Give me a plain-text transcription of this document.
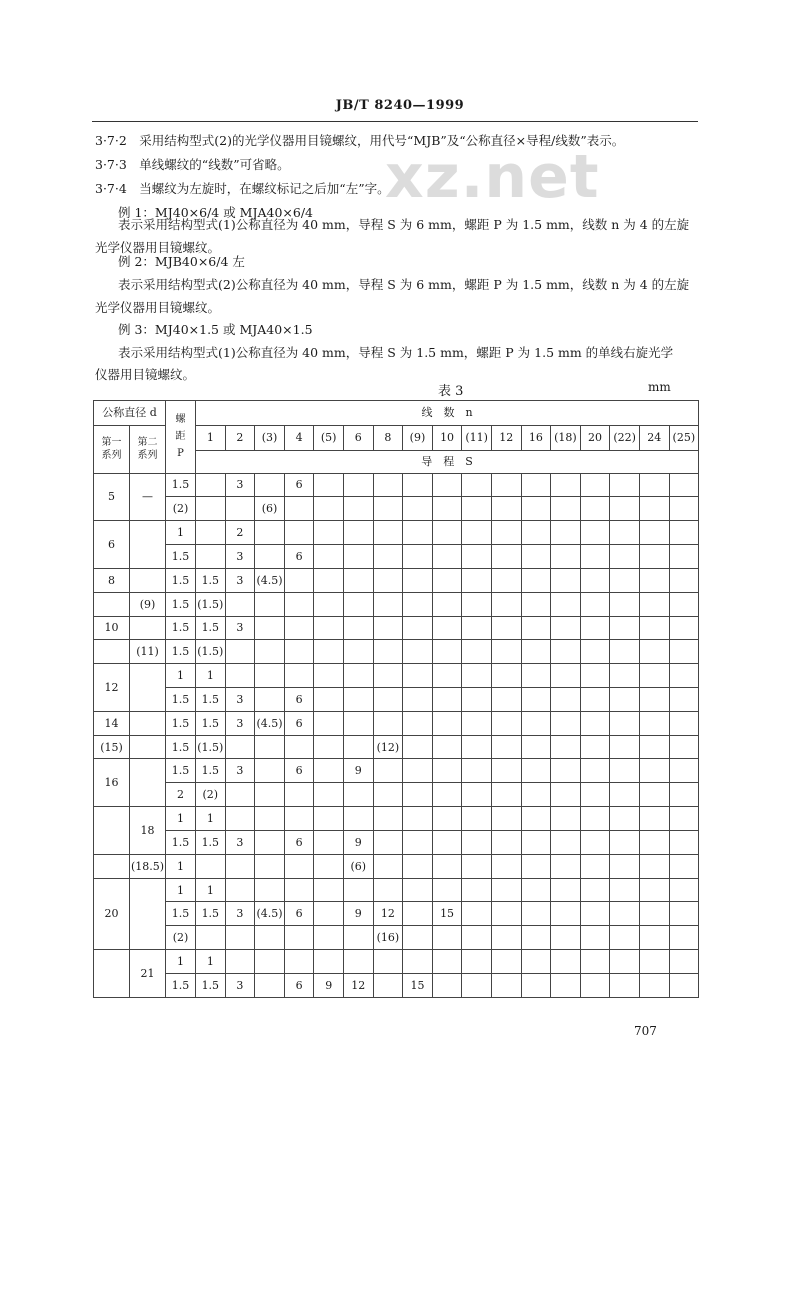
JB/T 8240—1999
xz.net
3·7·2　采用结构型式(2)的光学仪器用目镜螺纹，用代号“MJB”及“公称直径×导程/线数”表示。
3·7·3　单线螺纹的“线数”可省略。
3·7·4　当螺纹为左旋时，在螺纹标记之后加“左”字。
例 1：MJ40×6/4 或 MJA40×6/4
表示采用结构型式(1)公称直径为 40 mm，导程 S 为 6 mm，螺距 P 为 1.5 mm，线数 n 为 4 的左旋
光学仪器用目镜螺纹。
例 2：MJB40×6/4 左
表示采用结构型式(2)公称直径为 40 mm，导程 S 为 6 mm，螺距 P 为 1.5 mm，线数 n 为 4 的左旋
光学仪器用目镜螺纹。
例 3：MJ40×1.5 或 MJA40×1.5
表示采用结构型式(1)公称直径为 40 mm，导程 S 为 1.5 mm，螺距 P 为 1.5 mm 的单线右旋光学
仪器用目镜螺纹。
表 3	mm
公称直径 d		螺距 P	线　数　n																
第一系列	第二系列		1	2	(3)	4	(5)	6	8	(9)	10	(11)	12	16	(18)	20	(22)	24	(25)
			导　程　S																
5	—	1.5		3		6													
		(2)			(6)														
6		1		2															
		1.5		3		6													
8		1.5	1.5	3	(4.5)														
	(9)	1.5	(1.5)																
10		1.5	1.5	3															
	(11)	1.5	(1.5)																
12		1	1																
		1.5	1.5	3		6													
14		1.5	1.5	3	(4.5)	6													
(15)		1.5	(1.5)						(12)										
16		1.5	1.5	3		6		9											
		2	(2)																
	18	1	1																
		1.5	1.5	3		6		9											
	(18.5)	1						(6)											
20		1	1																
		1.5	1.5	3	(4.5)	6		9	12		15								
		(2)							(16)										
	21	1	1																
		1.5	1.5	3		6	9	12		15									
707
